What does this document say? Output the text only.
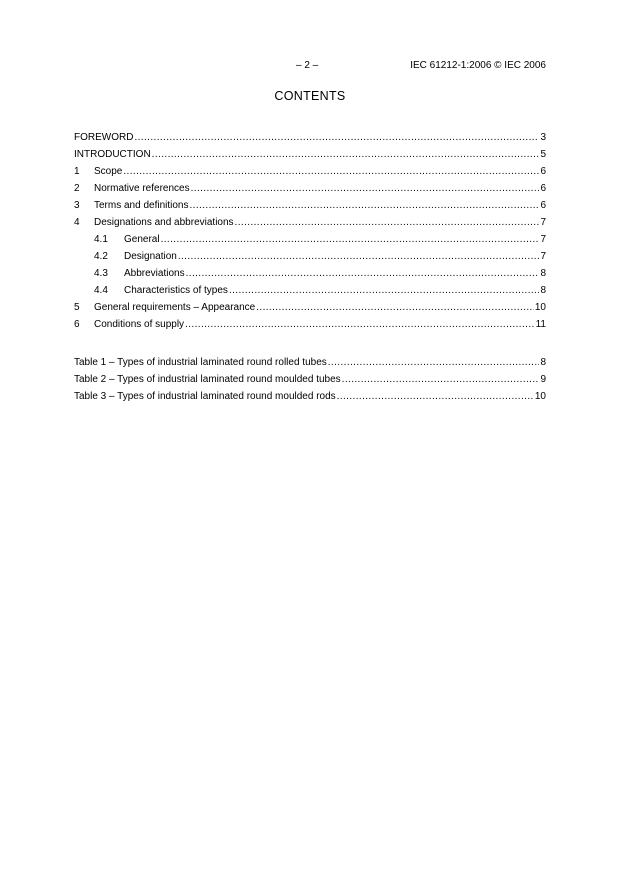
– 2 –	IEC 61212-1:2006 © IEC 2006
CONTENTS
FOREWORD .....	3
INTRODUCTION .....	5
1	Scope .....	6
2	Normative references .....	6
3	Terms and definitions .....	6
4	Designations and abbreviations .....	7
4.1	General .....	7
4.2	Designation .....	7
4.3	Abbreviations .....	8
4.4	Characteristics of types .....	8
5	General requirements – Appearance .....	10
6	Conditions of supply .....	11
Table 1 – Types of industrial laminated round rolled tubes .....	8
Table 2 – Types of industrial laminated round moulded tubes .....	9
Table 3 – Types of industrial laminated round moulded rods .....	10
